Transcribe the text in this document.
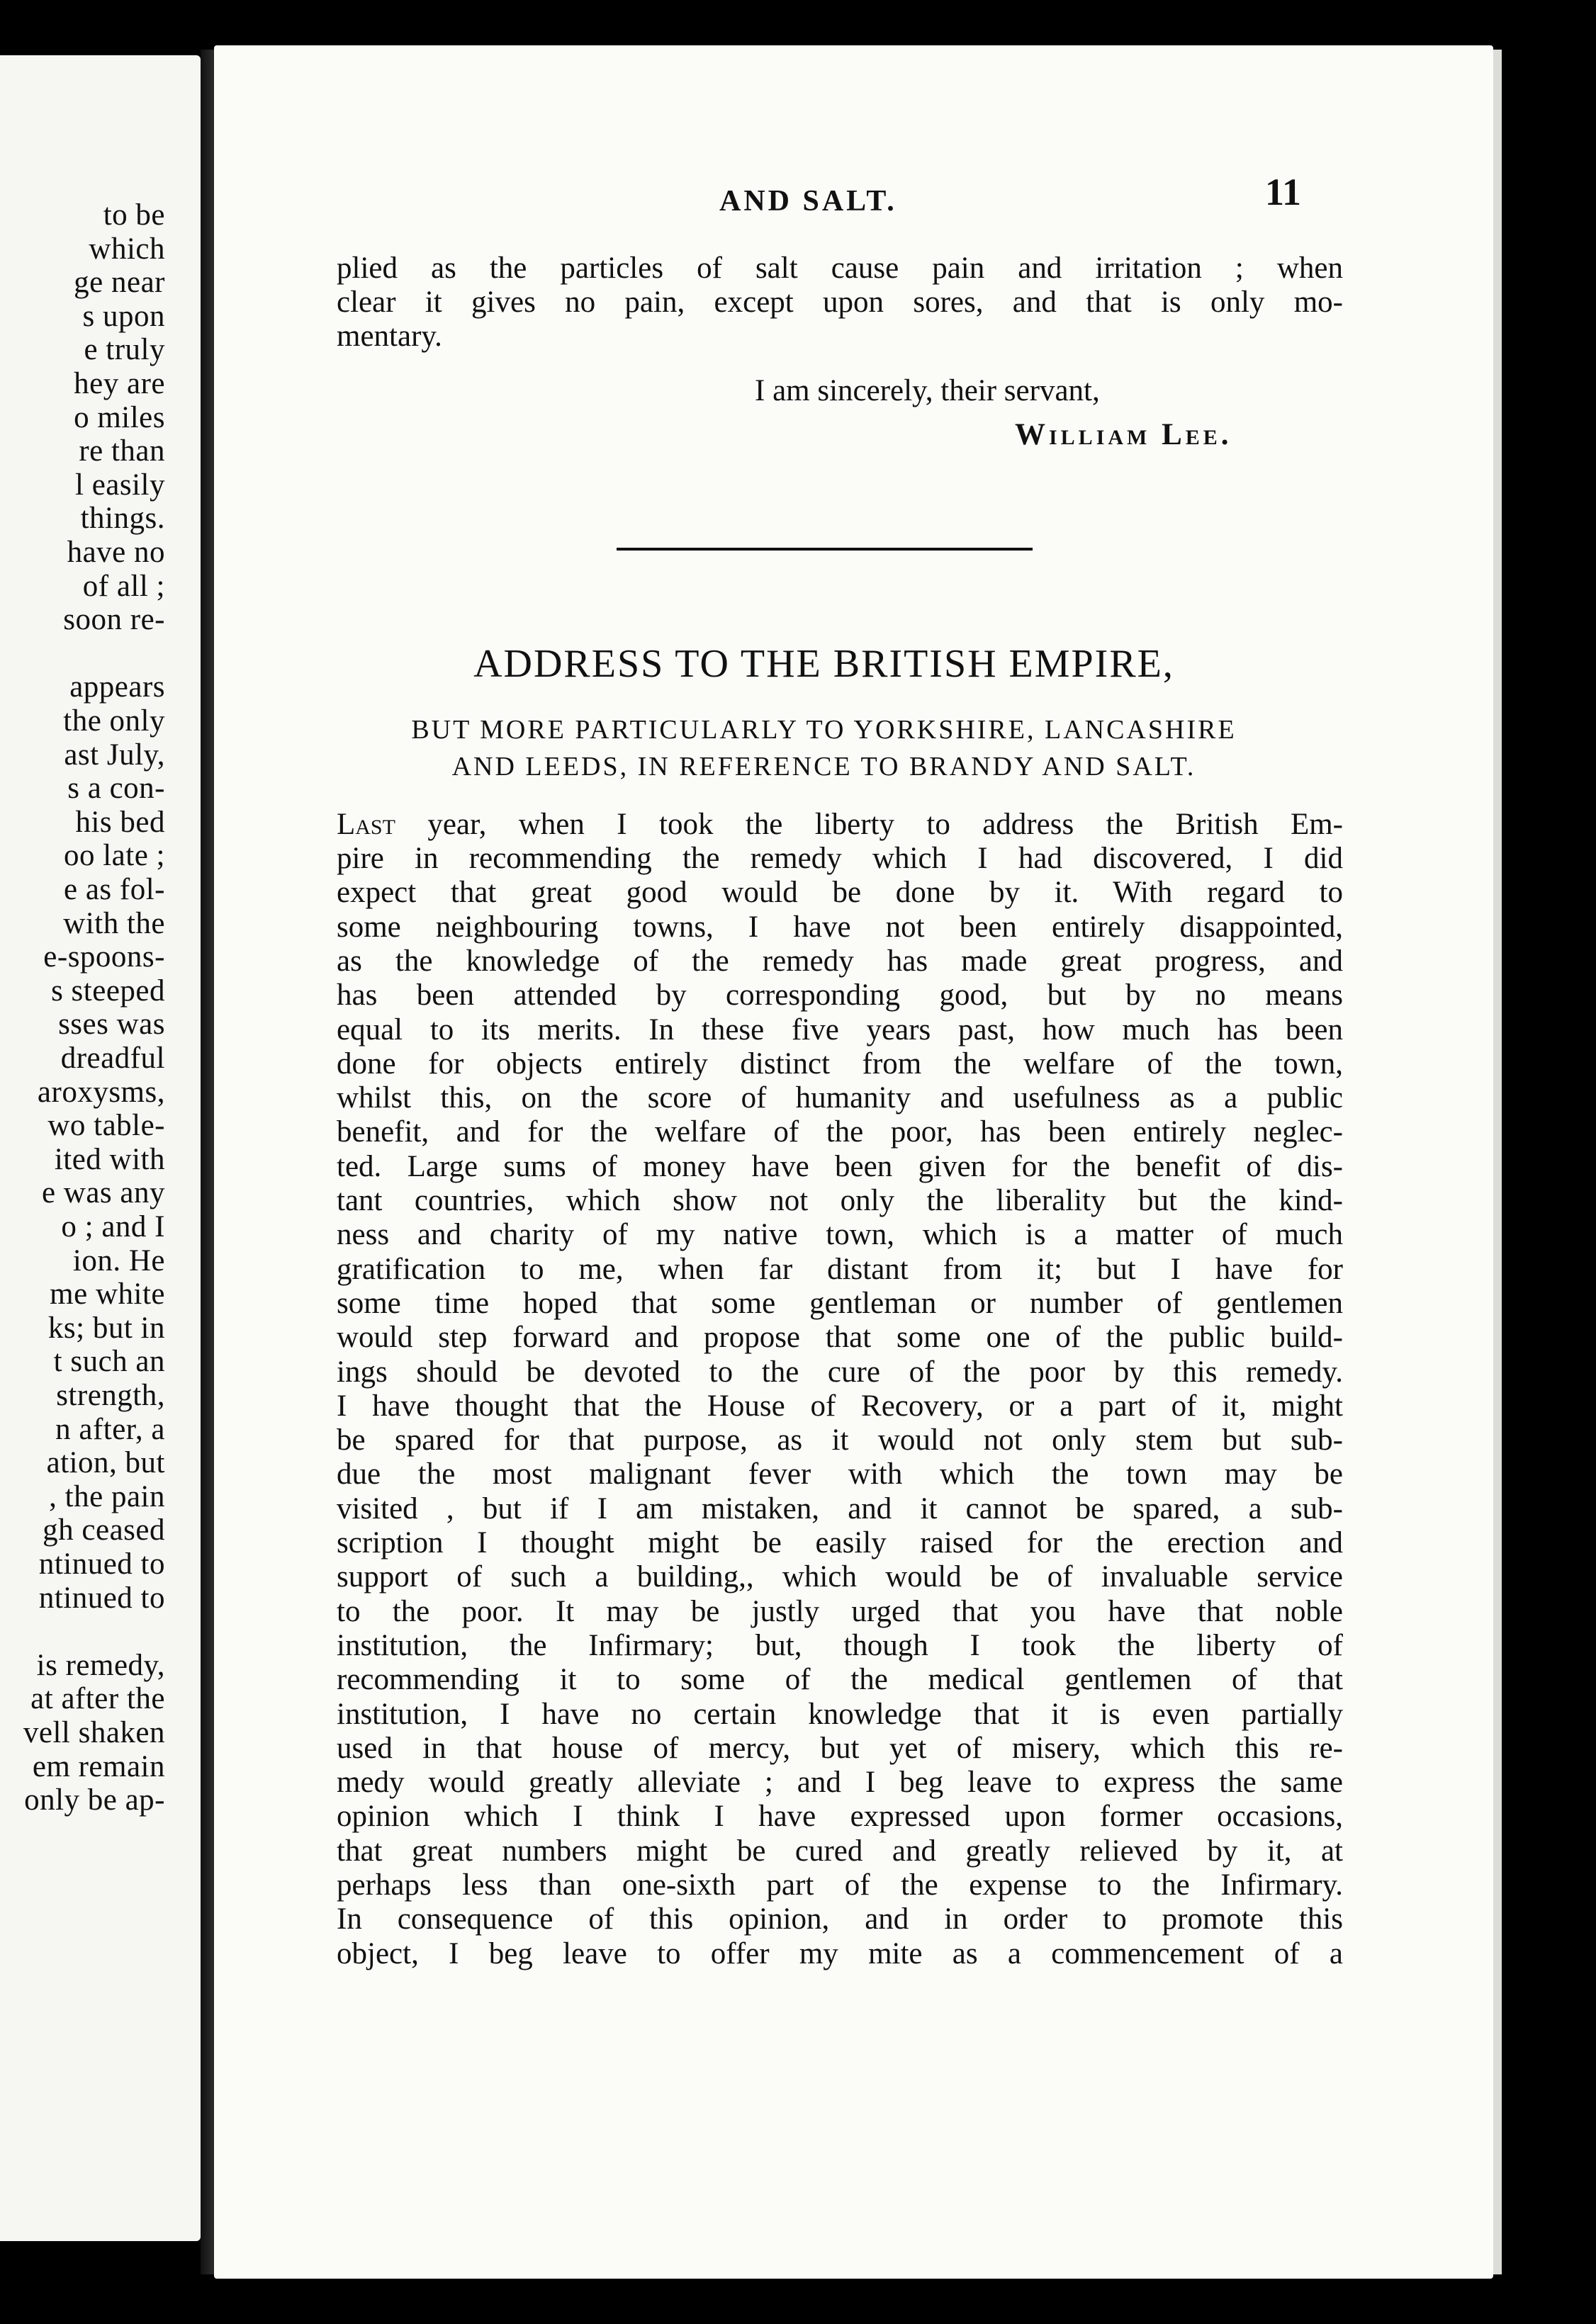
to be
which
ge near
s upon
e truly
hey are
o miles
re than
l easily
things.
have no
of all ;
soon re-
appears
the only
ast July,
s a con-
his bed
oo late ;
e as fol-
with the
e-spoons-
s steeped
sses was
dreadful
aroxysms,
wo table-
ited with
e was any
o ; and I
ion. He
me white
ks; but in
t such an
strength,
n after, a
ation, but
, the pain
gh ceased
ntinued to
ntinued to
is remedy,
at after the
vell shaken
em remain
only be ap-
AND SALT.	11
plied as the particles of salt cause pain and irritation ; when
clear it gives no pain, except upon sores, and that is only mo-
mentary.
I am sincerely, their servant,
William Lee.
ADDRESS TO THE BRITISH EMPIRE,
BUT MORE PARTICULARLY TO YORKSHIRE, LANCASHIRE
AND LEEDS, IN REFERENCE TO BRANDY AND SALT.
Last year, when I took the liberty to address the British Em-
pire in recommending the remedy which I had discovered, I did
expect that great good would be done by it. With regard to
some neighbouring towns, I have not been entirely disappointed,
as the knowledge of the remedy has made great progress, and
has been attended by corresponding good, but by no means
equal to its merits. In these five years past, how much has been
done for objects entirely distinct from the welfare of the town,
whilst this, on the score of humanity and usefulness as a public
benefit, and for the welfare of the poor, has been entirely neglec-
ted. Large sums of money have been given for the benefit of dis-
tant countries, which show not only the liberality but the kind-
ness and charity of my native town, which is a matter of much
gratification to me, when far distant from it; but I have for
some time hoped that some gentleman or number of gentlemen
would step forward and propose that some one of the public build-
ings should be devoted to the cure of the poor by this remedy.
I have thought that the House of Recovery, or a part of it, might
be spared for that purpose, as it would not only stem but sub-
due the most malignant fever with which the town may be
visited , but if I am mistaken, and it cannot be spared, a sub-
scription I thought might be easily raised for the erection and
support of such a building,, which would be of invaluable service
to the poor. It may be justly urged that you have that noble
institution, the Infirmary; but, though I took the liberty of
recommending it to some of the medical gentlemen of that
institution, I have no certain knowledge that it is even partially
used in that house of mercy, but yet of misery, which this re-
medy would greatly alleviate ; and I beg leave to express the same
opinion which I think I have expressed upon former occasions,
that great numbers might be cured and greatly relieved by it, at
perhaps less than one-sixth part of the expense to the Infirmary.
In consequence of this opinion, and in order to promote this
object, I beg leave to offer my mite as a commencement of a
